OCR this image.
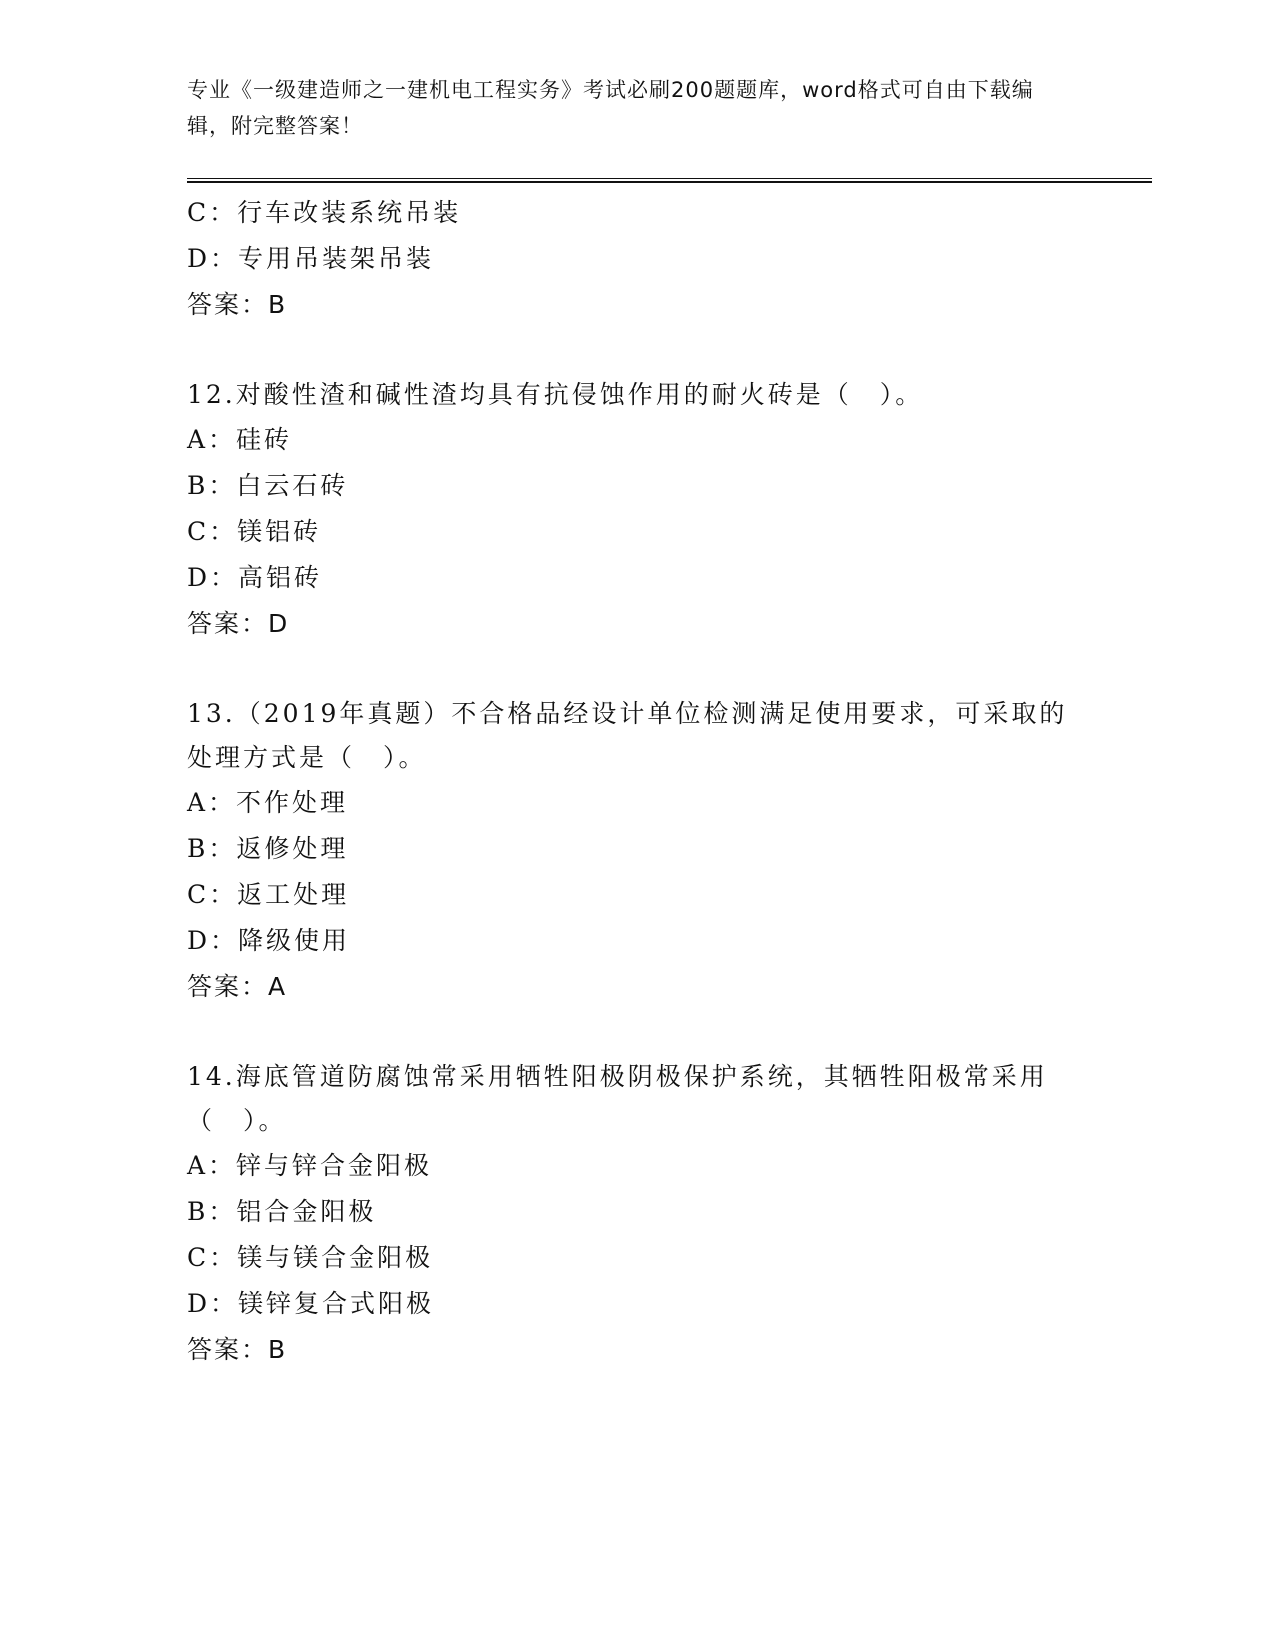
专业《一级建造师之一建机电工程实务》考试必刷200题题库，word格式可自由下载编辑，附完整答案！

C：行车改装系统吊装

D：专用吊装架吊装

答案：B

12.对酸性渣和碱性渣均具有抗侵蚀作用的耐火砖是（　）。

A：硅砖

B：白云石砖

C：镁铝砖

D：高铝砖

答案：D

13.（2019年真题）不合格品经设计单位检测满足使用要求，可采取的处理方式是（　）。

A：不作处理

B：返修处理

C：返工处理

D：降级使用

答案：A

14.海底管道防腐蚀常采用牺牲阳极阴极保护系统，其牺牲阳极常采用（　）。

A：锌与锌合金阳极

B：铝合金阳极

C：镁与镁合金阳极

D：镁锌复合式阳极

答案：B
